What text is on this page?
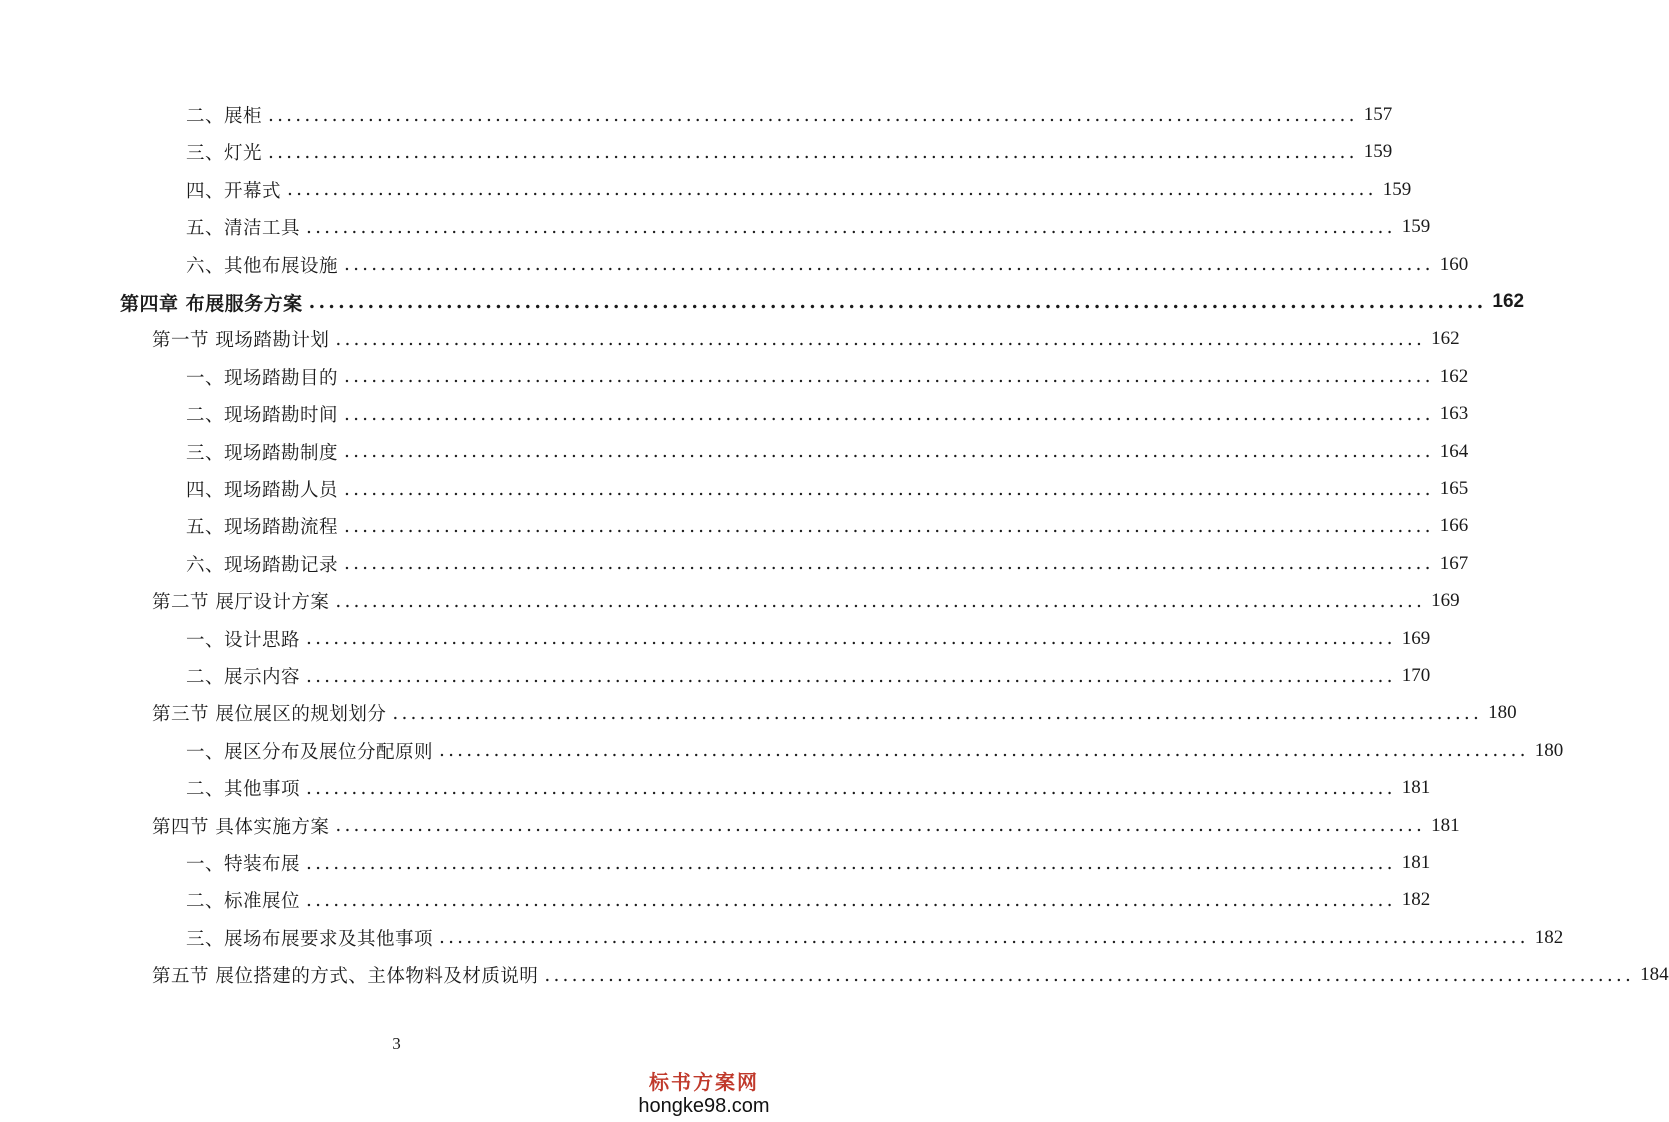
二、展柜 ........................................................................................................................ 157
三、灯光 ........................................................................................................................ 159
四、开幕式 ........................................................................................................................ 159
五、清洁工具 ........................................................................................................................ 159
六、其他布展设施 ........................................................................................................................ 160
第四章 布展服务方案 ........................................................................................................................ 162
第一节 现场踏勘计划 ........................................................................................................................ 162
一、现场踏勘目的 ........................................................................................................................ 162
二、现场踏勘时间 ........................................................................................................................ 163
三、现场踏勘制度 ........................................................................................................................ 164
四、现场踏勘人员 ........................................................................................................................ 165
五、现场踏勘流程 ........................................................................................................................ 166
六、现场踏勘记录 ........................................................................................................................ 167
第二节 展厅设计方案 ........................................................................................................................ 169
一、设计思路 ........................................................................................................................ 169
二、展示内容 ........................................................................................................................ 170
第三节 展位展区的规划划分 ........................................................................................................................ 180
一、展区分布及展位分配原则 ........................................................................................................................ 180
二、其他事项 ........................................................................................................................ 181
第四节 具体实施方案 ........................................................................................................................ 181
一、特装布展 ........................................................................................................................ 181
二、标准展位 ........................................................................................................................ 182
三、展场布展要求及其他事项 ........................................................................................................................ 182
第五节 展位搭建的方式、主体物料及材质说明 ........................................................................................................................ 184
3
标书方案网
hongke98.com
